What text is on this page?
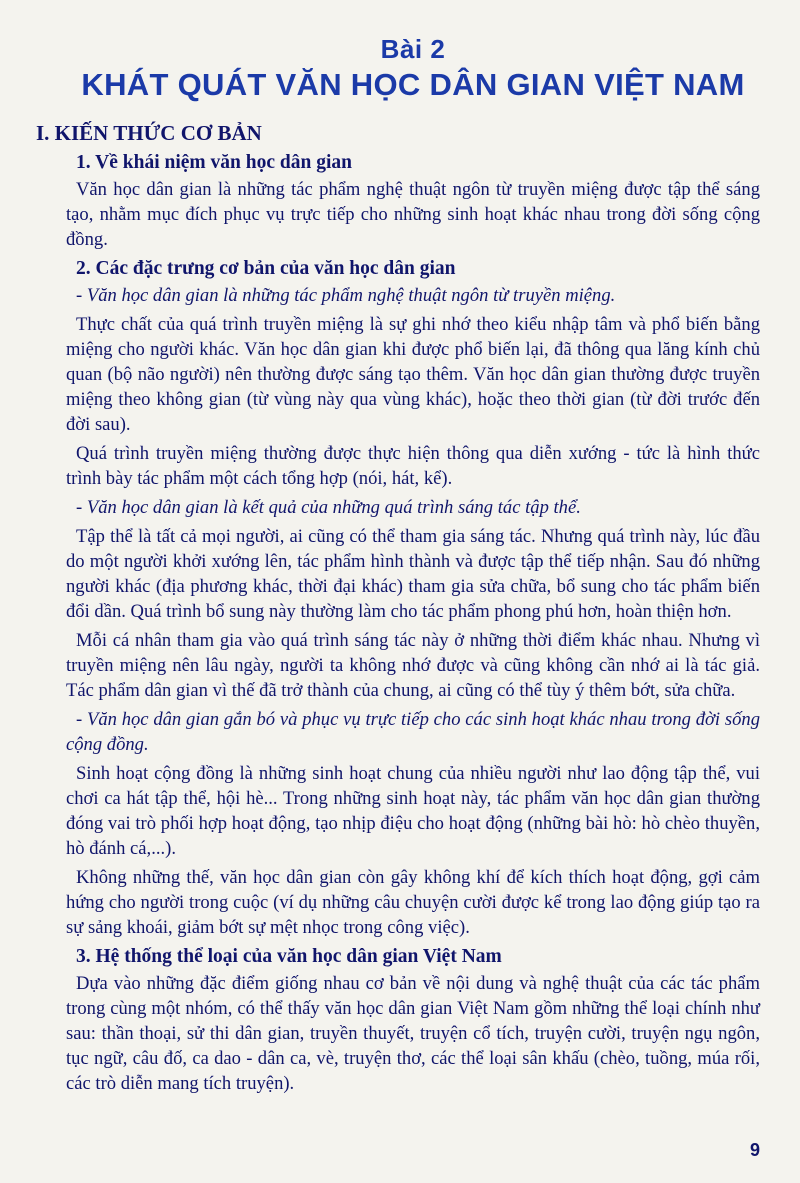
Bài 2
KHÁT QUÁT VĂN HỌC DÂN GIAN VIỆT NAM
I. KIẾN THỨC CƠ BẢN
1. Về khái niệm văn học dân gian

Văn học dân gian là những tác phẩm nghệ thuật ngôn từ truyền miệng được tập thể sáng tạo, nhằm mục đích phục vụ trực tiếp cho những sinh hoạt khác nhau trong đời sống cộng đồng.

2. Các đặc trưng cơ bản của văn học dân gian

- Văn học dân gian là những tác phẩm nghệ thuật ngôn từ truyền miệng.

Thực chất của quá trình truyền miệng là sự ghi nhớ theo kiểu nhập tâm và phổ biến bằng miệng cho người khác. Văn học dân gian khi được phổ biến lại, đã thông qua lăng kính chủ quan (bộ não người) nên thường được sáng tạo thêm. Văn học dân gian thường được truyền miệng theo không gian (từ vùng này qua vùng khác), hoặc theo thời gian (từ đời trước đến đời sau).

Quá trình truyền miệng thường được thực hiện thông qua diễn xướng - tức là hình thức trình bày tác phẩm một cách tổng hợp (nói, hát, kể).

- Văn học dân gian là kết quả của những quá trình sáng tác tập thể.

Tập thể là tất cả mọi người, ai cũng có thể tham gia sáng tác. Nhưng quá trình này, lúc đầu do một người khởi xướng lên, tác phẩm hình thành và được tập thể tiếp nhận. Sau đó những người khác (địa phương khác, thời đại khác) tham gia sửa chữa, bổ sung cho tác phẩm biến đổi dần. Quá trình bổ sung này thường làm cho tác phẩm phong phú hơn, hoàn thiện hơn.

Mỗi cá nhân tham gia vào quá trình sáng tác này ở những thời điểm khác nhau. Nhưng vì truyền miệng nên lâu ngày, người ta không nhớ được và cũng không cần nhớ ai là tác giả. Tác phẩm dân gian vì thế đã trở thành của chung, ai cũng có thể tùy ý thêm bớt, sửa chữa.

- Văn học dân gian gắn bó và phục vụ trực tiếp cho các sinh hoạt khác nhau trong đời sống cộng đồng.

Sinh hoạt cộng đồng là những sinh hoạt chung của nhiều người như lao động tập thể, vui chơi ca hát tập thể, hội hè... Trong những sinh hoạt này, tác phẩm văn học dân gian thường đóng vai trò phối hợp hoạt động, tạo nhịp điệu cho hoạt động (những bài hò: hò chèo thuyền, hò đánh cá,...).

Không những thế, văn học dân gian còn gây không khí để kích thích hoạt động, gợi cảm hứng cho người trong cuộc (ví dụ những câu chuyện cười được kể trong lao động giúp tạo ra sự sảng khoái, giảm bớt sự mệt nhọc trong công việc).

3. Hệ thống thể loại của văn học dân gian Việt Nam

Dựa vào những đặc điểm giống nhau cơ bản về nội dung và nghệ thuật của các tác phẩm trong cùng một nhóm, có thể thấy văn học dân gian Việt Nam gồm những thể loại chính như sau: thần thoại, sử thi dân gian, truyền thuyết, truyện cổ tích, truyện cười, truyện ngụ ngôn, tục ngữ, câu đố, ca dao - dân ca, vè, truyện thơ, các thể loại sân khấu (chèo, tuồng, múa rối, các trò diễn mang tích truyện).

9
